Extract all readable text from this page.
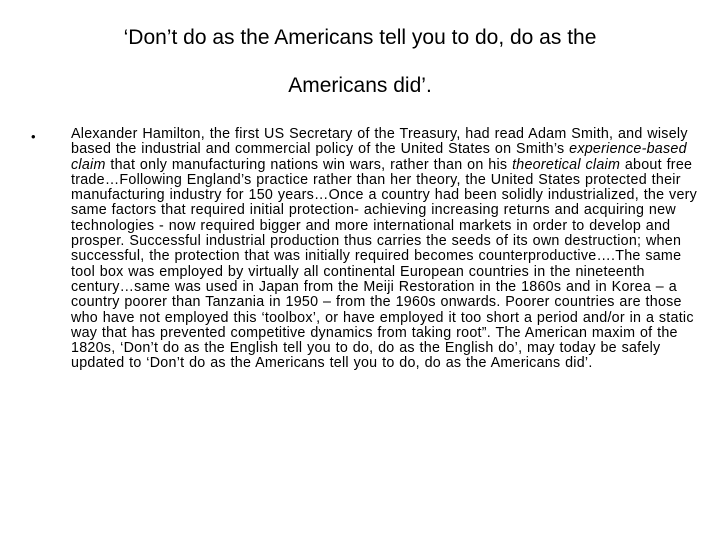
‘Don’t do as the Americans tell you to do, do as the
Americans did’.
• Alexander Hamilton, the first US Secretary of the Treasury, had read Adam Smith, and wisely based the industrial and commercial policy of the United States on Smith’s experience-based claim that only manufacturing nations win wars, rather than on his theoretical claim about free trade…Following England’s practice rather than her theory, the United States protected their manufacturing industry for 150 years…Once a country had been solidly industrialized, the very same factors that required initial protection- achieving increasing returns and acquiring new technologies - now required bigger and more international markets in order to develop and prosper. Successful industrial production thus carries the seeds of its own destruction; when successful, the protection that was initially required becomes counterproductive….The same tool box was employed by virtually all continental European countries in the nineteenth century…same was used in Japan from the Meiji Restoration in the 1860s and in Korea – a country poorer than Tanzania in 1950 – from the 1960s onwards. Poorer countries are those who have not employed this ‘toolbox’, or have employed it too short a period and/or in a static way that has prevented competitive dynamics from taking root”. The American maxim of the 1820s, ‘Don’t do as the English tell you to do, do as the English do’, may today be safely updated to ‘Don’t do as the Americans tell you to do, do as the Americans did’.
